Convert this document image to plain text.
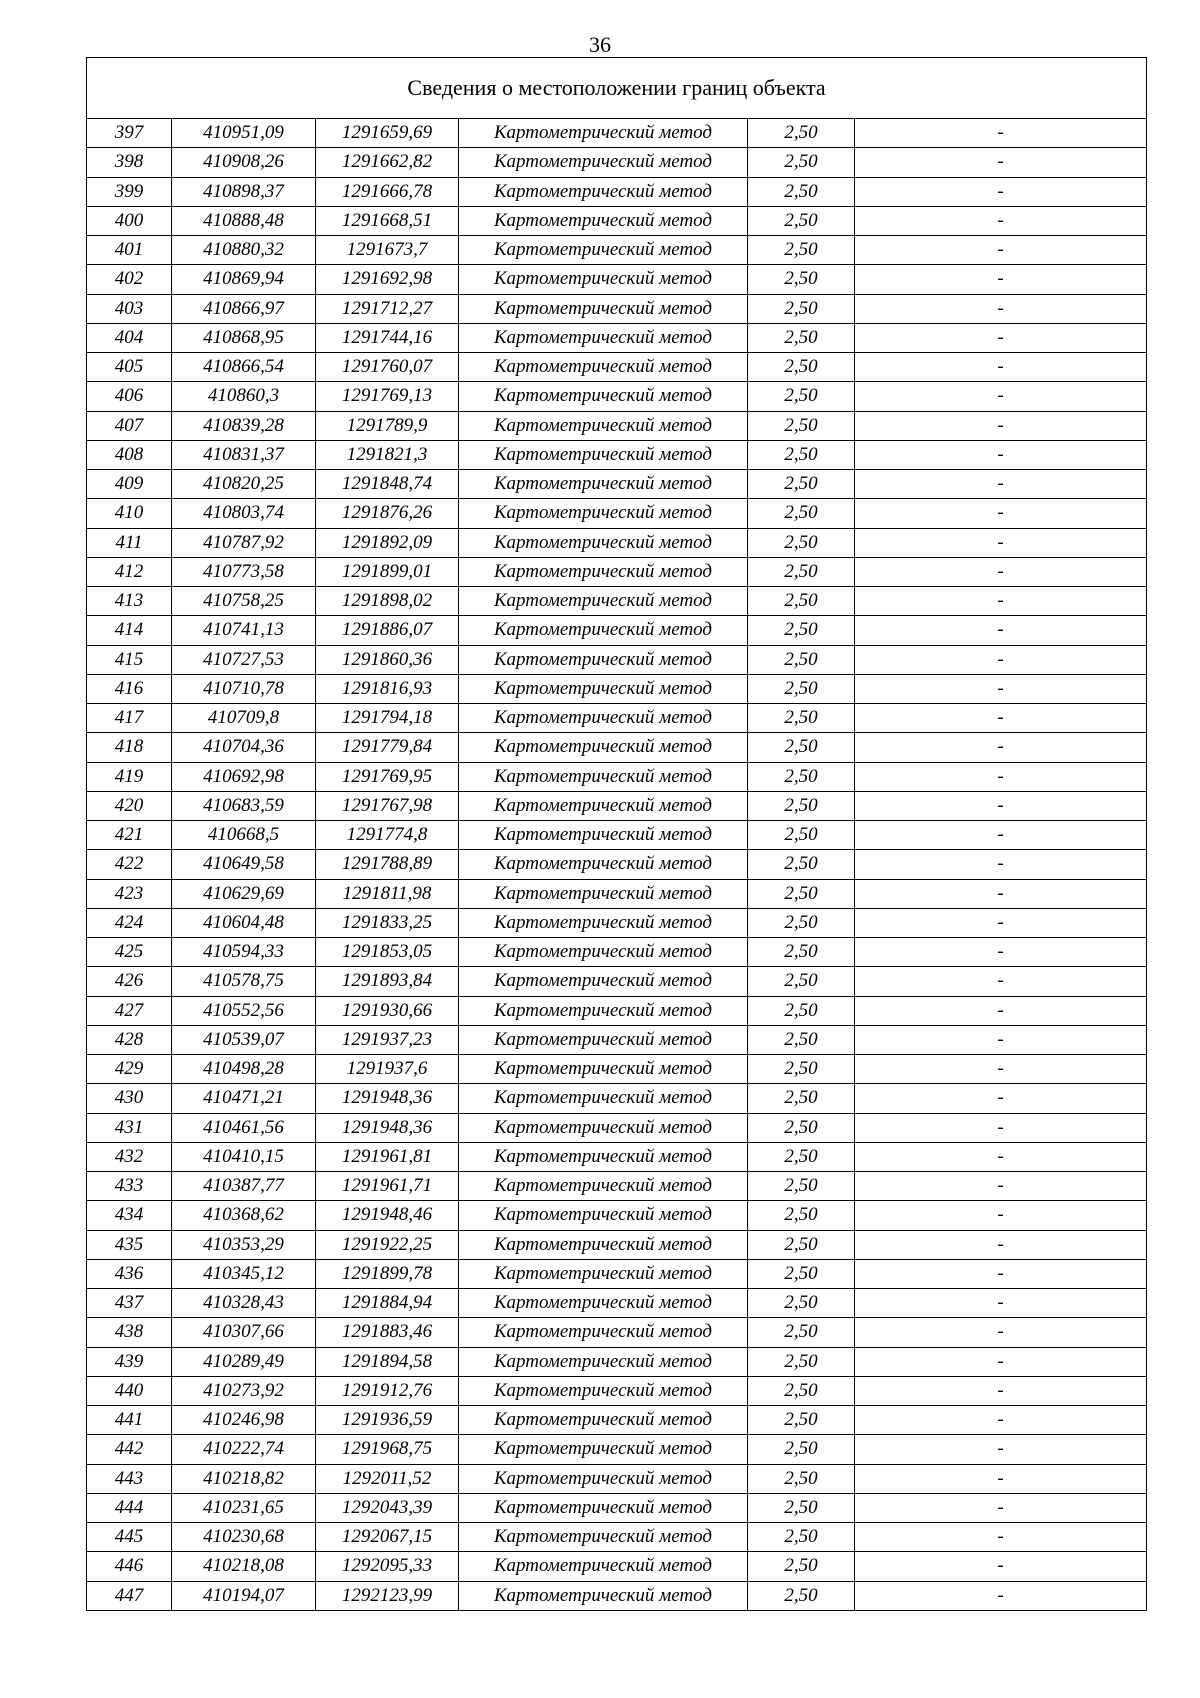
36
Сведения о местоположении границ объекта					
397	410951,09	1291659,69	Картометрический метод	2,50	-
398	410908,26	1291662,82	Картометрический метод	2,50	-
399	410898,37	1291666,78	Картометрический метод	2,50	-
400	410888,48	1291668,51	Картометрический метод	2,50	-
401	410880,32	1291673,7	Картометрический метод	2,50	-
402	410869,94	1291692,98	Картометрический метод	2,50	-
403	410866,97	1291712,27	Картометрический метод	2,50	-
404	410868,95	1291744,16	Картометрический метод	2,50	-
405	410866,54	1291760,07	Картометрический метод	2,50	-
406	410860,3	1291769,13	Картометрический метод	2,50	-
407	410839,28	1291789,9	Картометрический метод	2,50	-
408	410831,37	1291821,3	Картометрический метод	2,50	-
409	410820,25	1291848,74	Картометрический метод	2,50	-
410	410803,74	1291876,26	Картометрический метод	2,50	-
411	410787,92	1291892,09	Картометрический метод	2,50	-
412	410773,58	1291899,01	Картометрический метод	2,50	-
413	410758,25	1291898,02	Картометрический метод	2,50	-
414	410741,13	1291886,07	Картометрический метод	2,50	-
415	410727,53	1291860,36	Картометрический метод	2,50	-
416	410710,78	1291816,93	Картометрический метод	2,50	-
417	410709,8	1291794,18	Картометрический метод	2,50	-
418	410704,36	1291779,84	Картометрический метод	2,50	-
419	410692,98	1291769,95	Картометрический метод	2,50	-
420	410683,59	1291767,98	Картометрический метод	2,50	-
421	410668,5	1291774,8	Картометрический метод	2,50	-
422	410649,58	1291788,89	Картометрический метод	2,50	-
423	410629,69	1291811,98	Картометрический метод	2,50	-
424	410604,48	1291833,25	Картометрический метод	2,50	-
425	410594,33	1291853,05	Картометрический метод	2,50	-
426	410578,75	1291893,84	Картометрический метод	2,50	-
427	410552,56	1291930,66	Картометрический метод	2,50	-
428	410539,07	1291937,23	Картометрический метод	2,50	-
429	410498,28	1291937,6	Картометрический метод	2,50	-
430	410471,21	1291948,36	Картометрический метод	2,50	-
431	410461,56	1291948,36	Картометрический метод	2,50	-
432	410410,15	1291961,81	Картометрический метод	2,50	-
433	410387,77	1291961,71	Картометрический метод	2,50	-
434	410368,62	1291948,46	Картометрический метод	2,50	-
435	410353,29	1291922,25	Картометрический метод	2,50	-
436	410345,12	1291899,78	Картометрический метод	2,50	-
437	410328,43	1291884,94	Картометрический метод	2,50	-
438	410307,66	1291883,46	Картометрический метод	2,50	-
439	410289,49	1291894,58	Картометрический метод	2,50	-
440	410273,92	1291912,76	Картометрический метод	2,50	-
441	410246,98	1291936,59	Картометрический метод	2,50	-
442	410222,74	1291968,75	Картометрический метод	2,50	-
443	410218,82	1292011,52	Картометрический метод	2,50	-
444	410231,65	1292043,39	Картометрический метод	2,50	-
445	410230,68	1292067,15	Картометрический метод	2,50	-
446	410218,08	1292095,33	Картометрический метод	2,50	-
447	410194,07	1292123,99	Картометрический метод	2,50	-
